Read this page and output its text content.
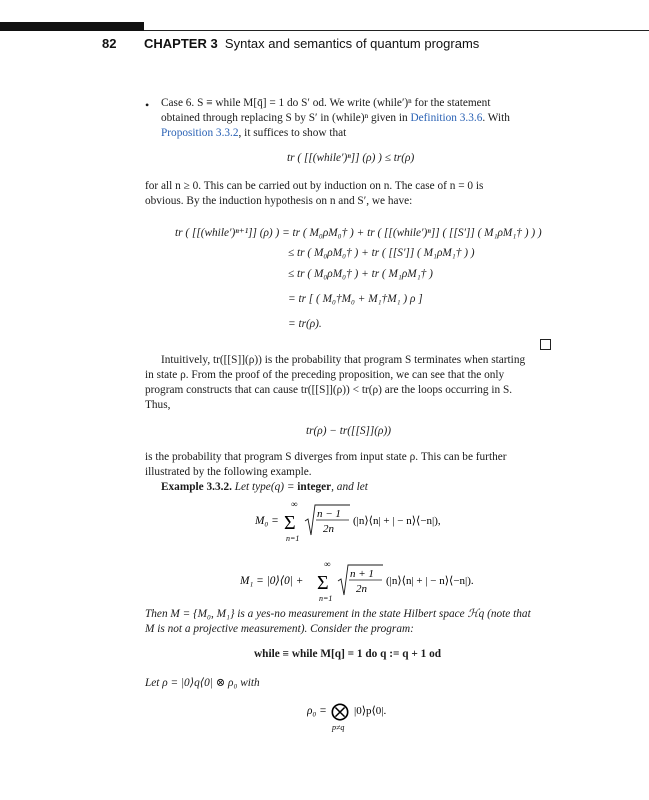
82 CHAPTER 3 Syntax and semantics of quantum programs
•	Case 6. S ≡ while M[q̄] = 1 do S′ od. We write (while′)ⁿ for the statement

obtained through replacing S by S′ in (while)ⁿ given in Definition 3.3.6. With

Proposition 3.3.2, it suffices to show that

tr ( [[(while′)ⁿ]] (ρ) ) ≤ tr(ρ)

for all n ≥ 0. This can be carried out by induction on n. The case of n = 0 is

obvious. By the induction hypothesis on n and S′, we have:

tr ( [[(while′)ⁿ⁺¹]] (ρ) ) = tr ( M₀ρM₀† ) + tr ( [[(while′)ⁿ]] ( [[S′]] ( M₁ρM₁† ) ) )
≤ tr ( M₀ρM₀† ) + tr ( [[S′]] ( M₁ρM₁† ) )
≤ tr ( M₀ρM₀† ) + tr ( M₁ρM₁† )
= tr [ ( M₀†M₀ + M₁†M₁ ) ρ ]
= tr(ρ).

Intuitively, tr([[S]](ρ)) is the probability that program S terminates when starting

in state ρ. From the proof of the preceding proposition, we can see that the only

program constructs that can cause tr([[S]](ρ)) < tr(ρ) are the loops occurring in S.

Thus,

tr(ρ) − tr([[S]](ρ))

is the probability that program S diverges from input state ρ. This can be further

illustrated by the following example.

Example 3.3.2. Let type(q) = integer, and let

M₀ =
∞
Σ
n=1
n − 1
2n
(|n⟩⟨n| + | − n⟩⟨−n|),
M₁ = |0⟩⟨0| +
∞
Σ
n=1
n + 1
2n
(|n⟩⟨n| + | − n⟩⟨−n|).

Then M = {M₀, M₁} is a yes-no measurement in the state Hilbert space ℋq (note that

M is not a projective measurement). Consider the program:

while ≡ while M[q] = 1 do q := q + 1 od

Let ρ = |0⟩q⟨0| ⊗ ρ₀ with

ρ₀ = ⨂
p≠q
|0⟩p⟨0|.
